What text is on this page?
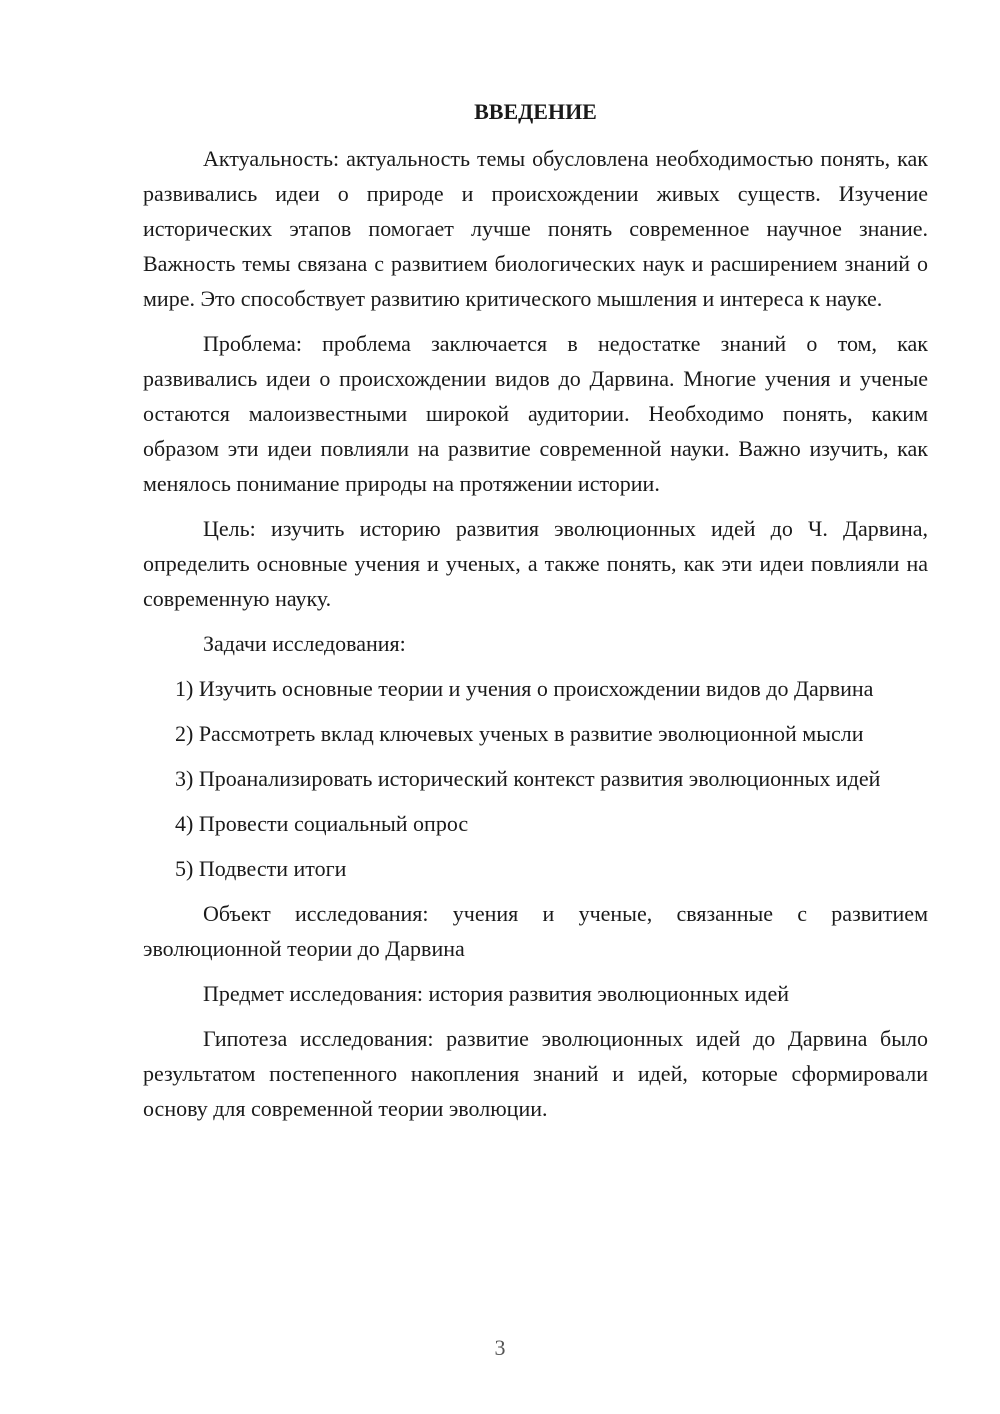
ВВЕДЕНИЕ

Актуальность: актуальность темы обусловлена необходимостью понять, как развивались идеи о природе и происхождении живых существ. Изучение исторических этапов помогает лучше понять современное научное знание. Важность темы связана с развитием биологических наук и расширением знаний о мире. Это способствует развитию критического мышления и интереса к науке.

Проблема: проблема заключается в недостатке знаний о том, как развивались идеи о происхождении видов до Дарвина. Многие учения и ученые остаются малоизвестными широкой аудитории. Необходимо понять, каким образом эти идеи повлияли на развитие современной науки. Важно изучить, как менялось понимание природы на протяжении истории.

Цель: изучить историю развития эволюционных идей до Ч. Дарвина, определить основные учения и ученых, а также понять, как эти идеи повлияли на современную науку.

Задачи исследования:

1) Изучить основные теории и учения о происхождении видов до Дарвина

2) Рассмотреть вклад ключевых ученых в развитие эволюционной мысли

3) Проанализировать исторический контекст развития эволюционных идей

4) Провести социальный опрос

5) Подвести итоги

Объект исследования: учения и ученые, связанные с развитием эволюционной теории до Дарвина

Предмет исследования: история развития эволюционных идей

Гипотеза исследования: развитие эволюционных идей до Дарвина было результатом постепенного накопления знаний и идей, которые сформировали основу для современной теории эволюции.

3
